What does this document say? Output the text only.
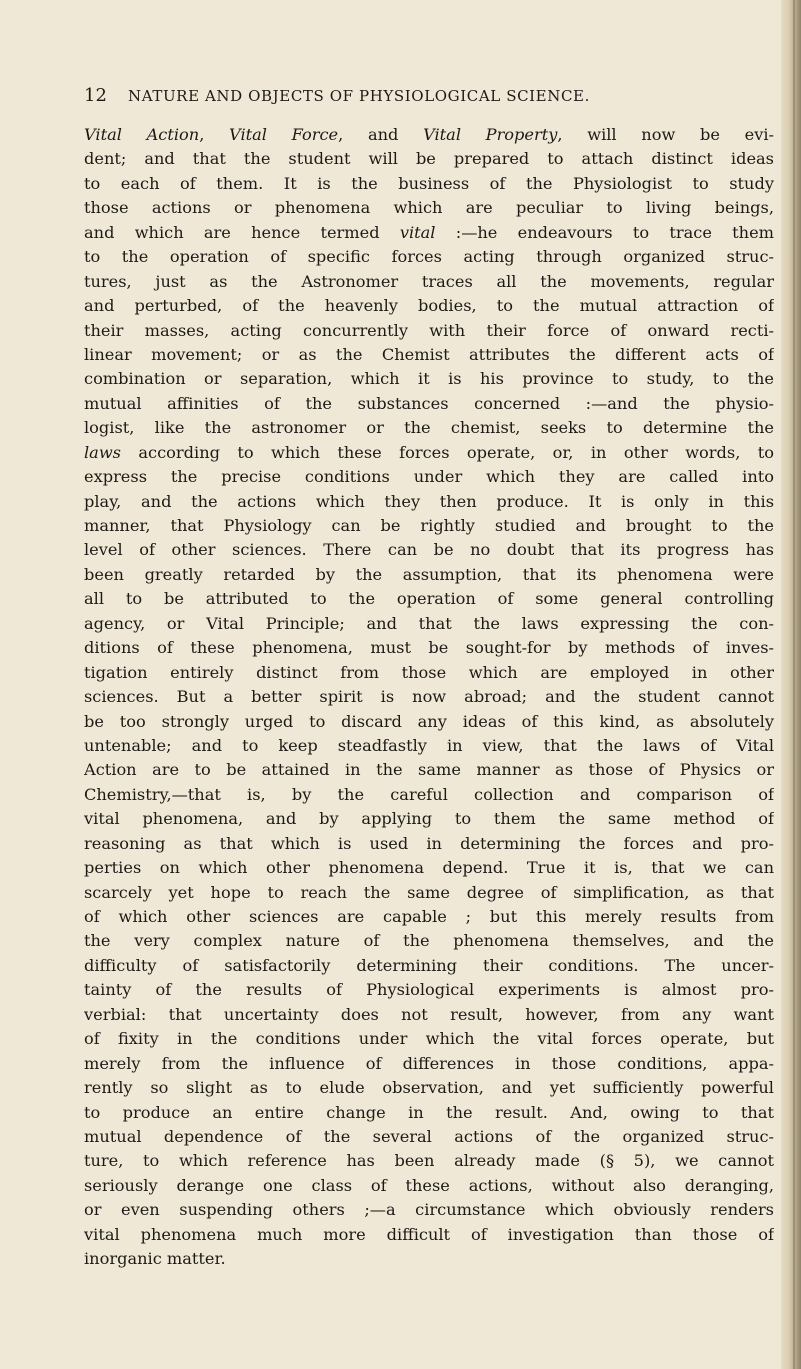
12 NATURE AND OBJECTS OF PHYSIOLOGICAL SCIENCE.
Vital Action, Vital Force, and Vital Property, will now be evi-
dent; and that the student will be prepared to attach distinct ideas
to each of them. It is the business of the Physiologist to study
those actions or phenomena which are peculiar to living beings,
and which are hence termed vital :—he endeavours to trace them
to the operation of specific forces acting through organized struc-
tures, just as the Astronomer traces all the movements, regular
and perturbed, of the heavenly bodies, to the mutual attraction of
their masses, acting concurrently with their force of onward recti-
linear movement; or as the Chemist attributes the different acts of
combination or separation, which it is his province to study, to the
mutual affinities of the substances concerned :—and the physio-
logist, like the astronomer or the chemist, seeks to determine the
laws according to which these forces operate, or, in other words, to
express the precise conditions under which they are called into
play, and the actions which they then produce. It is only in this
manner, that Physiology can be rightly studied and brought to the
level of other sciences. There can be no doubt that its progress has
been greatly retarded by the assumption, that its phenomena were
all to be attributed to the operation of some general controlling
agency, or Vital Principle; and that the laws expressing the con-
ditions of these phenomena, must be sought-for by methods of inves-
tigation entirely distinct from those which are employed in other
sciences. But a better spirit is now abroad; and the student cannot
be too strongly urged to discard any ideas of this kind, as absolutely
untenable; and to keep steadfastly in view, that the laws of Vital
Action are to be attained in the same manner as those of Physics or
Chemistry,—that is, by the careful collection and comparison of
vital phenomena, and by applying to them the same method of
reasoning as that which is used in determining the forces and pro-
perties on which other phenomena depend. True it is, that we can
scarcely yet hope to reach the same degree of simplification, as that
of which other sciences are capable ; but this merely results from
the very complex nature of the phenomena themselves, and the
difficulty of satisfactorily determining their conditions. The uncer-
tainty of the results of Physiological experiments is almost pro-
verbial: that uncertainty does not result, however, from any want
of fixity in the conditions under which the vital forces operate, but
merely from the influence of differences in those conditions, appa-
rently so slight as to elude observation, and yet sufficiently powerful
to produce an entire change in the result. And, owing to that
mutual dependence of the several actions of the organized struc-
ture, to which reference has been already made (§ 5), we cannot
seriously derange one class of these actions, without also deranging,
or even suspending others ;—a circumstance which obviously renders
vital phenomena much more difficult of investigation than those of
inorganic matter.
